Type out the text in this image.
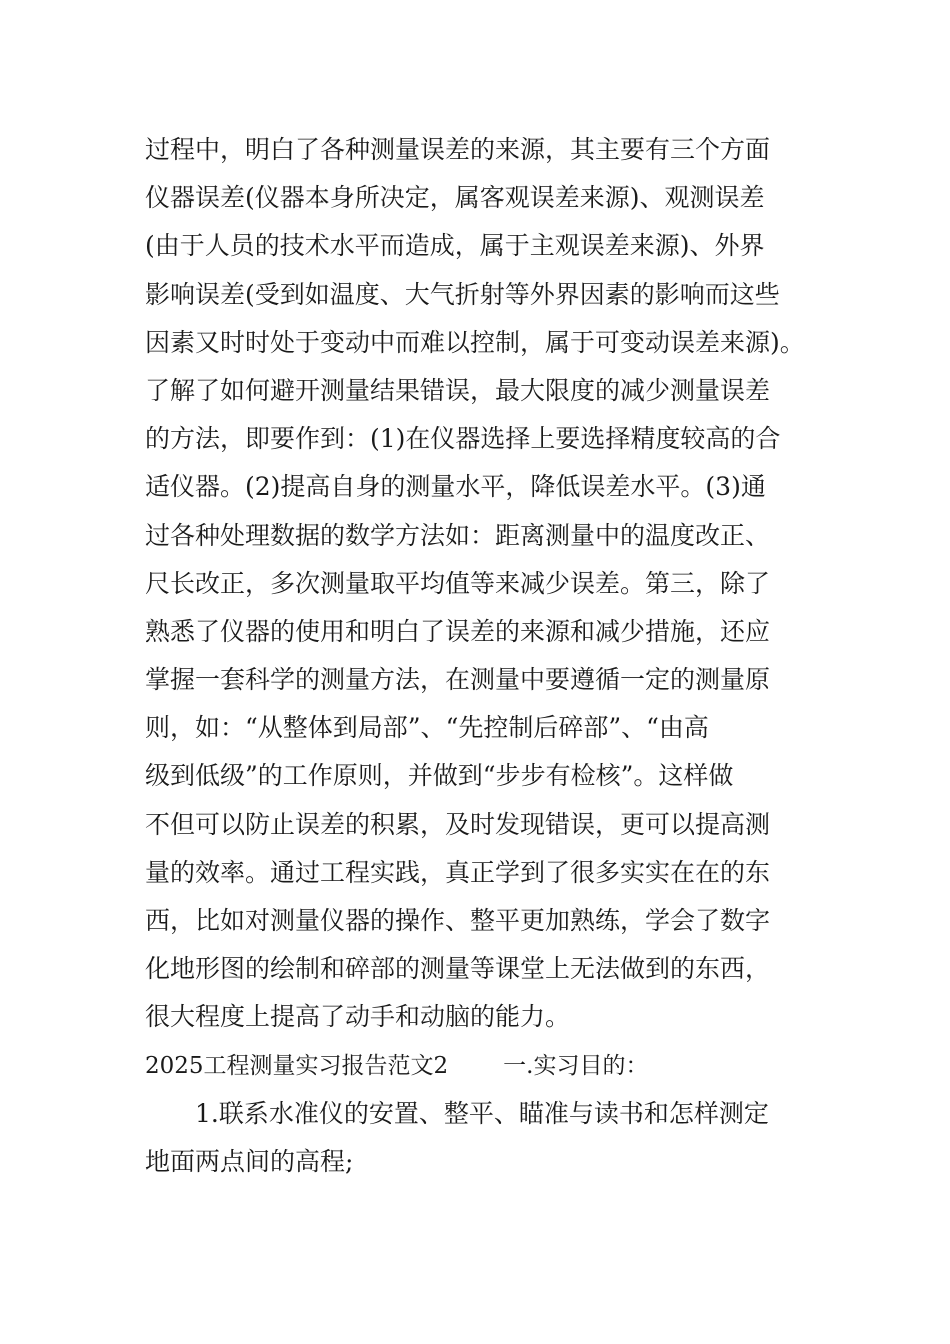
过程中，明白了各种测量误差的来源，其主要有三个方面
仪器误差(仪器本身所决定，属客观误差来源)、观测误差
(由于人员的技术水平而造成，属于主观误差来源)、外界
影响误差(受到如温度、大气折射等外界因素的影响而这些
因素又时时处于变动中而难以控制，属于可变动误差来源)。
了解了如何避开测量结果错误，最大限度的减少测量误差
的方法，即要作到：(1)在仪器选择上要选择精度较高的合
适仪器。(2)提高自身的测量水平，降低误差水平。(3)通
过各种处理数据的数学方法如：距离测量中的温度改正、
尺长改正，多次测量取平均值等来减少误差。第三，除了
熟悉了仪器的使用和明白了误差的来源和减少措施，还应
掌握一套科学的测量方法，在测量中要遵循一定的测量原
则，如：“从整体到局部”、“先控制后碎部”、“由高
级到低级”的工作原则，并做到“步步有检核”。这样做
不但可以防止误差的积累，及时发现错误，更可以提高测
量的效率。通过工程实践，真正学到了很多实实在在的东
西，比如对测量仪器的操作、整平更加熟练，学会了数字
化地形图的绘制和碎部的测量等课堂上无法做到的东西，
很大程度上提高了动手和动脑的能力。
2025工程测量实习报告范文2 一.实习目的：
1.联系水准仪的安置、整平、瞄准与读书和怎样测定
地面两点间的高程;
